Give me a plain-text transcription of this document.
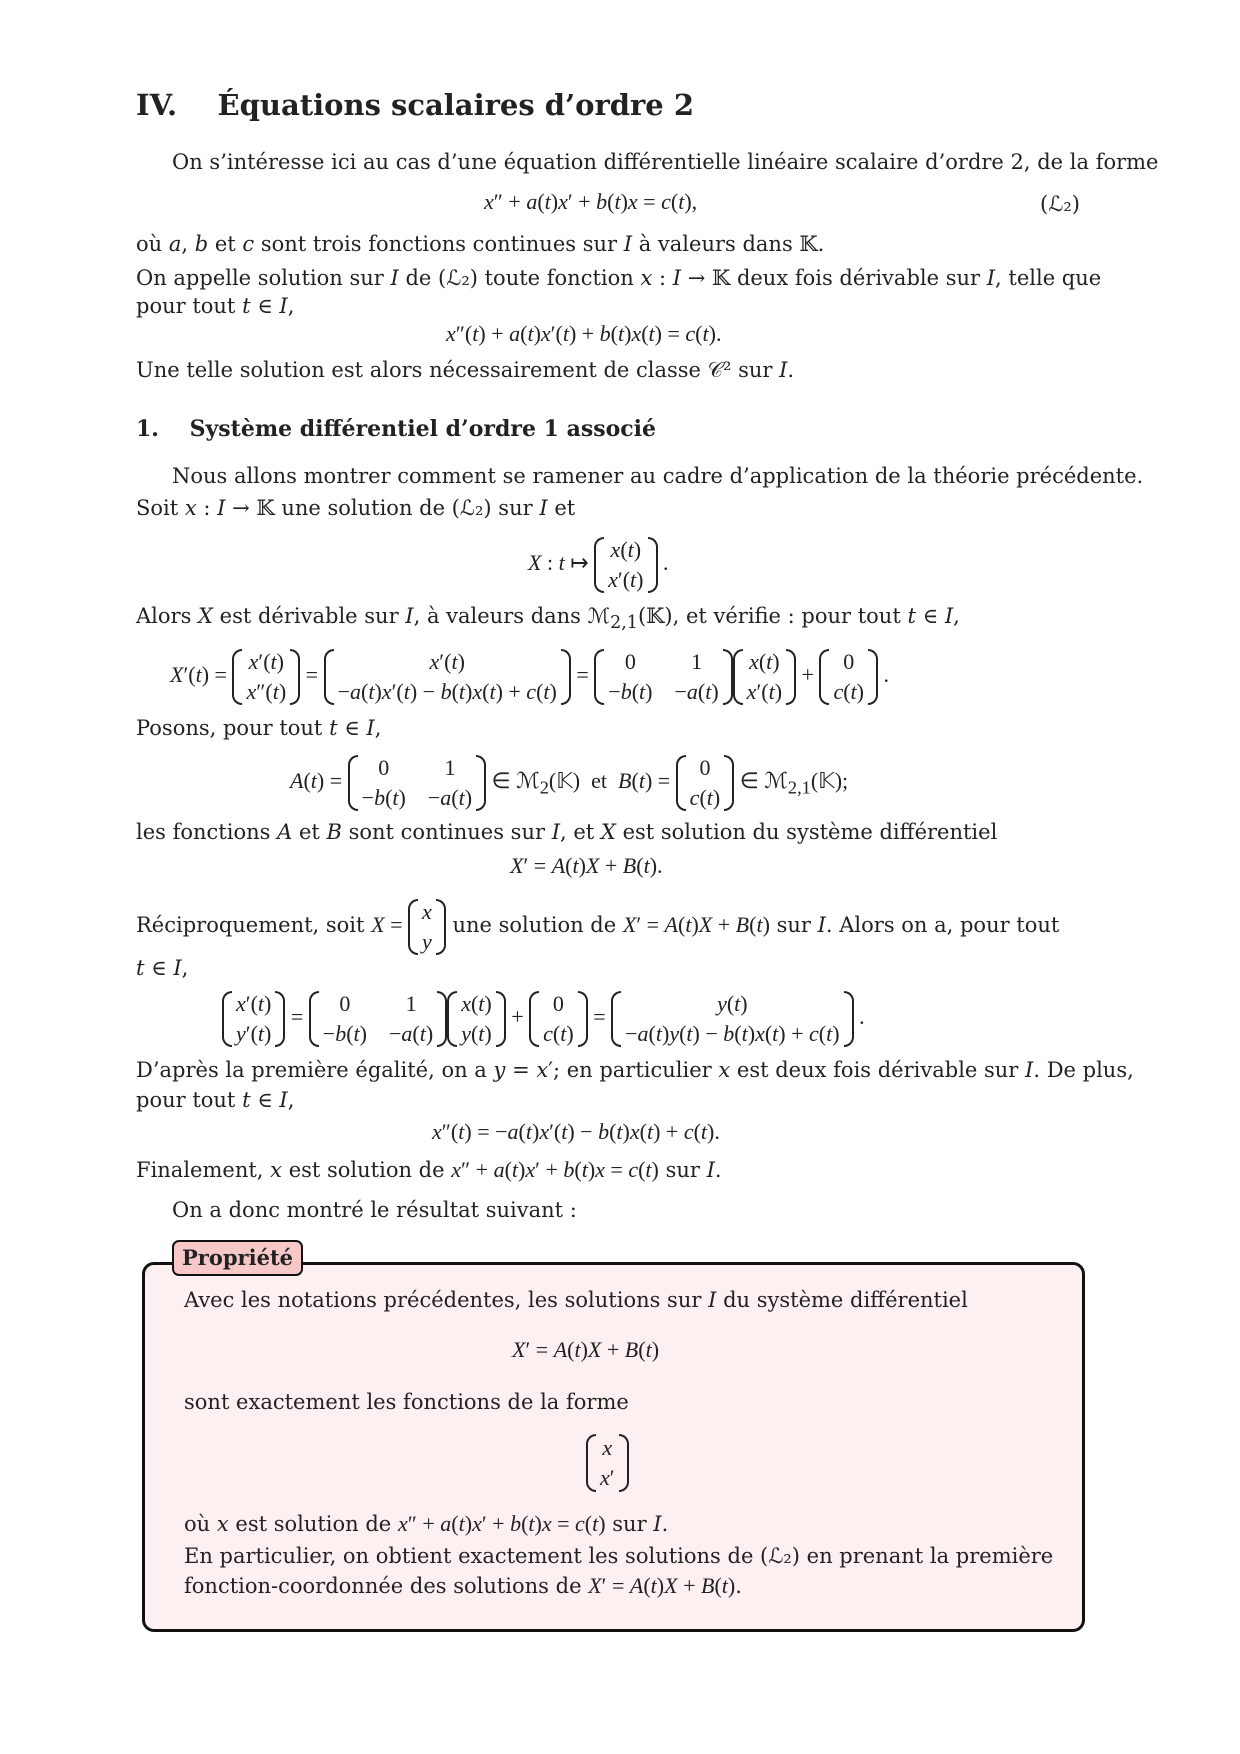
IV. Équations scalaires d’ordre 2
On s’intéresse ici au cas d’une équation différentielle linéaire scalaire d’ordre 2, de la forme
x″ + a(t)x′ + b(t)x = c(t),	(ℒ₂)
où a, b et c sont trois fonctions continues sur I à valeurs dans 𝕂.
On appelle solution sur I de (ℒ₂) toute fonction x : I → 𝕂 deux fois dérivable sur I, telle que
pour tout t ∈ I,
x″(t) + a(t)x′(t) + b(t)x(t) = c(t).
Une telle solution est alors nécessairement de classe 𝒞² sur I.
1. Système différentiel d’ordre 1 associé
Nous allons montrer comment se ramener au cadre d’application de la théorie précédente.
Soit x : I → 𝕂 une solution de (ℒ₂) sur I et
X : t ↦
x(t)
x′(t)
.
Alors X est dérivable sur I, à valeurs dans ℳ$_{2,1}$(𝕂), et vérifie : pour tout t ∈ I,
X′(t) =
x′(t)
x″(t)
=
x′(t)
−a(t)x′(t) − b(t)x(t) + c(t)
=
0	1
−b(t) −a(t)
x(t)
x′(t)
+
0
c(t)
.
Posons, pour tout t ∈ I,
A(t) =
0	1
−b(t) −a(t)
∈ ℳ$_2$(𝕂)  et B(t) =
0
c(t)
∈ ℳ$_{2,1}$(𝕂);
les fonctions A et B sont continues sur I, et X est solution du système différentiel
X′ = A(t)X + B(t).
Réciproquement, soit X =
x
y
une solution de X′ = A(t)X + B(t) sur I. Alors on a, pour tout
t ∈ I,
x′(t)
y′(t)
=
0	1
−b(t) −a(t)
x(t)
y(t)
+
0
c(t)
=
y(t)
−a(t)y(t) − b(t)x(t) + c(t)
.
D’après la première égalité, on a y = x′; en particulier x est deux fois dérivable sur I. De plus,
pour tout t ∈ I,
x″(t) = −a(t)x′(t) − b(t)x(t) + c(t).
Finalement, x est solution de x″ + a(t)x′ + b(t)x = c(t) sur I.
On a donc montré le résultat suivant :
Propriété
Avec les notations précédentes, les solutions sur I du système différentiel
X′ = A(t)X + B(t)
sont exactement les fonctions de la forme
x
x′
où x est solution de x″ + a(t)x′ + b(t)x = c(t) sur I.
En particulier, on obtient exactement les solutions de (ℒ₂) en prenant la première
fonction-coordonnée des solutions de X′ = A(t)X + B(t).
